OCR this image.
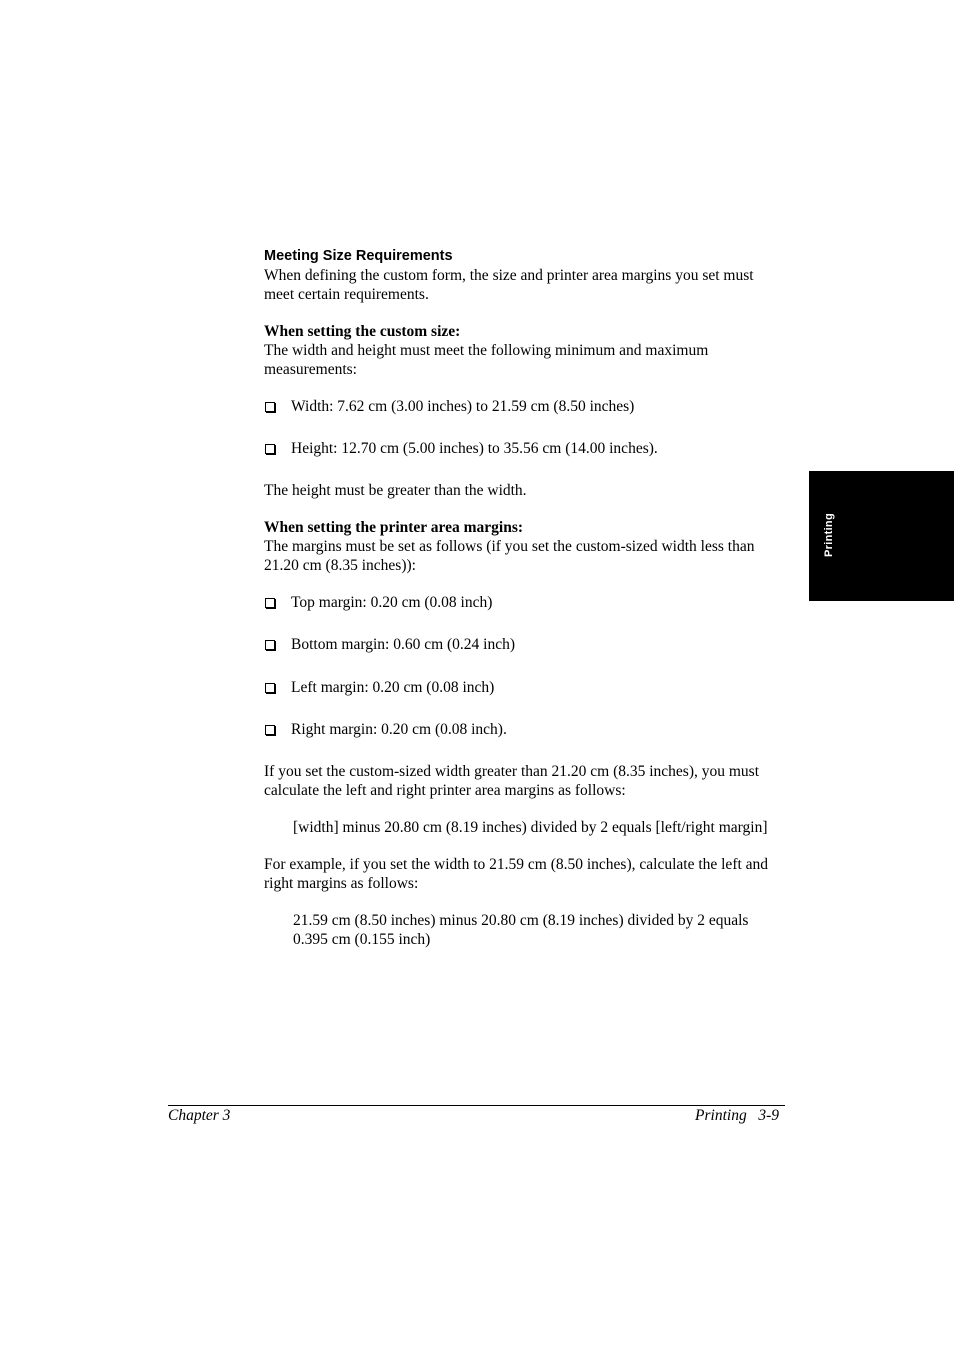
Meeting Size Requirements

When defining the custom form, the size and printer area margins you set must meet certain requirements.

When setting the custom size:

The width and height must meet the following minimum and maximum measurements:

Width: 7.62 cm (3.00 inches) to 21.59 cm (8.50 inches)
Height: 12.70 cm (5.00 inches) to 35.56 cm (14.00 inches).

The height must be greater than the width.

When setting the printer area margins:

The margins must be set as follows (if you set the custom-sized width less than 21.20 cm (8.35 inches)):

Top margin: 0.20 cm (0.08 inch)
Bottom margin: 0.60 cm (0.24 inch)
Left margin: 0.20 cm (0.08 inch)
Right margin: 0.20 cm (0.08 inch).

If you set the custom-sized width greater than 21.20 cm (8.35 inches), you must calculate the left and right printer area margins as follows:

[width] minus 20.80 cm (8.19 inches) divided by 2 equals [left/right margin]

For example, if you set the width to 21.59 cm (8.50 inches), calculate the left and right margins as follows:

21.59 cm (8.50 inches) minus 20.80 cm (8.19 inches) divided by 2 equals 0.395 cm (0.155 inch)

Printing
Chapter 3	Printing   3-9
